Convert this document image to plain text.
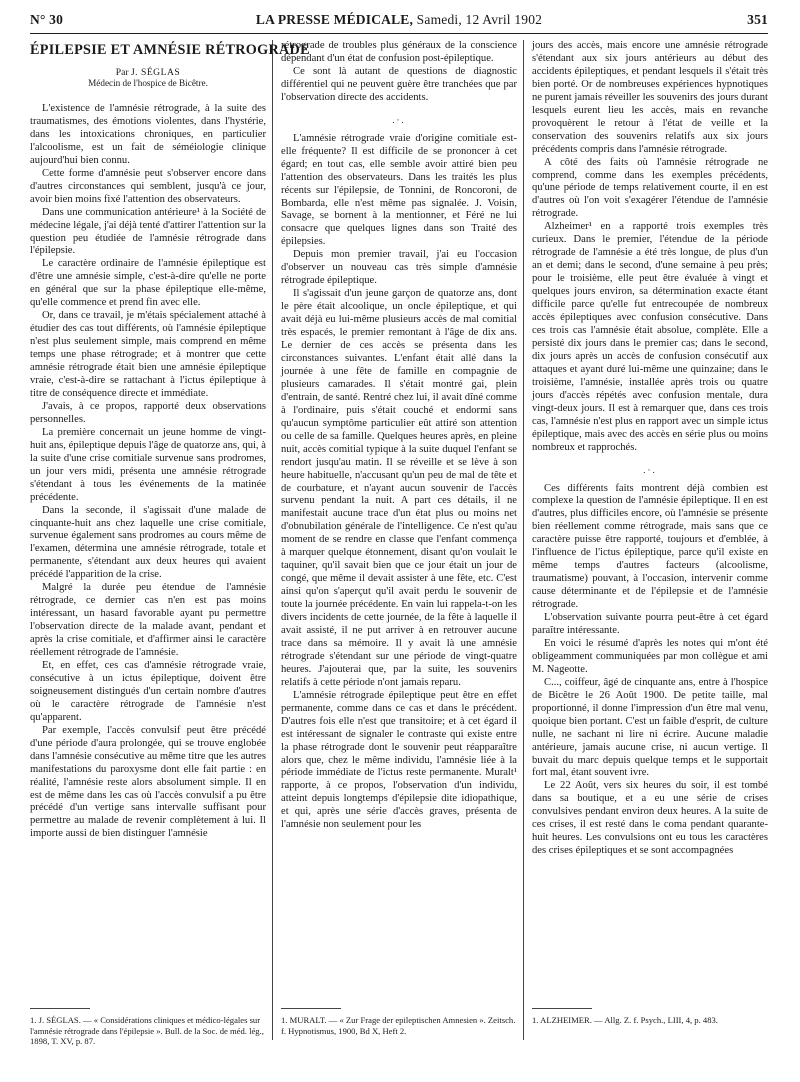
N° 30	LA PRESSE MÉDICALE, Samedi, 12 Avril 1902	351
ÉPILEPSIE ET AMNÉSIE RÉTROGRADE
Par J. SÉGLAS
Médecin de l'hospice de Bicêtre.

L'existence de l'amnésie rétrograde, à la suite des traumatismes, des émotions violentes, dans l'hystérie, dans les intoxications chroniques, en particulier l'alcoolisme, est un fait de séméiologie clinique aujourd'hui bien connu.

Cette forme d'amnésie peut s'observer encore dans d'autres circonstances qui semblent, jusqu'à ce jour, avoir bien moins fixé l'attention des observateurs.

Dans une communication antérieure¹ à la Société de médecine légale, j'ai déjà tenté d'attirer l'attention sur la question peu étudiée de l'amnésie rétrograde dans l'épilepsie.

Le caractère ordinaire de l'amnésie épileptique est d'être une amnésie simple, c'est-à-dire qu'elle ne porte en général que sur la phase épileptique elle-même, qu'elle commence et prend fin avec elle.

Or, dans ce travail, je m'étais spécialement attaché à étudier des cas tout différents, où l'amnésie épileptique n'est plus seulement simple, mais comprend en même temps une phase rétrograde; et à montrer que cette amnésie rétrograde était bien une amnésie épileptique vraie, c'est-à-dire se rattachant à l'ictus épileptique à titre de conséquence directe et immédiate.

J'avais, à ce propos, rapporté deux observations personnelles.

La première concernait un jeune homme de vingt-huit ans, épileptique depuis l'âge de quatorze ans, qui, à la suite d'une crise comitiale survenue sans prodromes, un jour vers midi, présenta une amnésie rétrograde s'étendant à tous les événements de la matinée précédente.

Dans la seconde, il s'agissait d'une malade de cinquante-huit ans chez laquelle une crise comitiale, survenue également sans prodromes au cours même de l'examen, détermina une amnésie rétrograde, totale et permanente, s'étendant aux deux heures qui avaient précédé l'apparition de la crise.

Malgré la durée peu étendue de l'amnésie rétrograde, ce dernier cas n'en est pas moins intéressant, un hasard favorable ayant pu permettre l'observation directe de la malade avant, pendant et après la crise comitiale, et d'affirmer ainsi le caractère réellement rétrograde de l'amnésie.

Et, en effet, ces cas d'amnésie rétrograde vraie, consécutive à un ictus épileptique, doivent être soigneusement distingués d'un certain nombre d'autres où le caractère rétrograde de l'amnésie n'est qu'apparent.

Par exemple, l'accès convulsif peut être précédé d'une période d'aura prolongée, qui se trouve englobée dans l'amnésie consécutive au même titre que les autres manifestations du paroxysme dont elle fait partie : en réalité, l'amnésie reste alors absolument simple. Il en est de même dans les cas où l'accès convulsif a pu être précédé d'un vertige sans intervalle suffisant pour permettre au malade de revenir complètement à lui. Il importe aussi de bien distinguer l'amnésie

rétrograde de troubles plus généraux de la conscience dépendant d'un état de confusion post-épileptique.

Ce sont là autant de questions de diagnostic différentiel qui ne peuvent guère être tranchées que par l'observation directe des accidents.

.·.

L'amnésie rétrograde vraie d'origine comitiale est-elle fréquente? Il est difficile de se prononcer à cet égard; en tout cas, elle semble avoir attiré bien peu l'attention des observateurs. Dans les traités les plus récents sur l'épilepsie, de Tonnini, de Roncoroni, de Bombarda, elle n'est même pas signalée. J. Voisin, Savage, se bornent à la mentionner, et Féré ne lui consacre que quelques lignes dans son Traité des épilepsies.

Depuis mon premier travail, j'ai eu l'occasion d'observer un nouveau cas très simple d'amnésie rétrograde épileptique.

Il s'agissait d'un jeune garçon de quatorze ans, dont le père était alcoolique, un oncle épileptique, et qui avait déjà eu lui-même plusieurs accès de mal comitial très espacés, le premier remontant à l'âge de dix ans. Le dernier de ces accès se présenta dans les circonstances suivantes. L'enfant était allé dans la journée à une fête de famille en compagnie de plusieurs camarades. Il s'était montré gai, plein d'entrain, de santé. Rentré chez lui, il avait dîné comme à l'ordinaire, puis s'était couché et endormi sans qu'aucun symptôme particulier eût attiré son attention ou celle de sa famille. Quelques heures après, en pleine nuit, accès comitial typique à la suite duquel l'enfant se rendort jusqu'au matin. Il se réveille et se lève à son heure habituelle, n'accusant qu'un peu de mal de tête et de courbature, et n'ayant aucun souvenir de l'accès survenu pendant la nuit. A part ces détails, il ne manifestait aucune trace d'un état plus ou moins net d'obnubilation générale de l'intelligence. Ce n'est qu'au moment de se rendre en classe que l'enfant commença à marquer quelque étonnement, disant qu'on voulait le taquiner, qu'il savait bien que ce jour était un jour de congé, que même il devait assister à une fête, etc. C'est ainsi qu'on s'aperçut qu'il avait perdu le souvenir de toute la journée précédente. En vain lui rappela-t-on les divers incidents de cette journée, de la fête à laquelle il avait assisté, il ne put arriver à en retrouver aucune trace dans sa mémoire. Il y avait là une amnésie rétrograde s'étendant sur une période de vingt-quatre heures. J'ajouterai que, par la suite, les souvenirs relatifs à cette période n'ont jamais reparu.

L'amnésie rétrograde épileptique peut être en effet permanente, comme dans ce cas et dans le précédent. D'autres fois elle n'est que transitoire; et à cet égard il est intéressant de signaler le contraste qui existe entre la phase rétrograde dont le souvenir peut réapparaître alors que, chez le même individu, l'amnésie liée à la période immédiate de l'ictus reste permanente. Muralt¹ rapporte, à ce propos, l'observation d'un individu, atteint depuis longtemps d'épilepsie dite idiopathique, et qui, après une série d'accès graves, présenta de l'amnésie non seulement pour les

jours des accès, mais encore une amnésie rétrograde s'étendant aux six jours antérieurs au début des accidents épileptiques, et pendant lesquels il s'était très bien porté. Or de nombreuses expériences hypnotiques ne purent jamais réveiller les souvenirs des jours durant lesquels eurent lieu les accès, mais en revanche provoquèrent le retour à l'état de veille et la conservation des souvenirs relatifs aux six jours précédents compris dans l'amnésie rétrograde.

A côté des faits où l'amnésie rétrograde ne comprend, comme dans les exemples précédents, qu'une période de temps relativement courte, il en est d'autres où l'on voit s'exagérer l'étendue de l'amnésie rétrograde.

Alzheimer¹ en a rapporté trois exemples très curieux. Dans le premier, l'étendue de la période rétrograde de l'amnésie a été très longue, de plus d'un an et demi; dans le second, d'une semaine à peu près; pour le troisième, elle peut être évaluée à vingt et quelques jours environ, sa détermination exacte étant difficile parce qu'elle fut entrecoupée de nombreux accès épileptiques avec confusion consécutive. Dans ces trois cas l'amnésie était absolue, complète. Elle a persisté dix jours dans le premier cas; dans le second, dix jours après un accès de confusion consécutif aux attaques et ayant duré lui-même une quinzaine; dans le troisième, l'amnésie, installée après trois ou quatre jours d'accès répétés avec confusion mentale, dura vingt-deux jours. Il est à remarquer que, dans ces trois cas, l'amnésie n'est plus en rapport avec un simple ictus épileptique, mais avec des accès en série plus ou moins nombreux et rapprochés.

.·.

Ces différents faits montrent déjà combien est complexe la question de l'amnésie épileptique. Il en est d'autres, plus difficiles encore, où l'amnésie se présente bien réellement comme rétrograde, mais sans que ce caractère puisse être rapporté, toujours et d'emblée, à l'influence de l'ictus épileptique, parce qu'il existe en même temps d'autres facteurs (alcoolisme, traumatisme) pouvant, à l'occasion, intervenir comme cause déterminante et de l'épilepsie et de l'amnésie rétrograde.

L'observation suivante pourra peut-être à cet égard paraître intéressante.

En voici le résumé d'après les notes qui m'ont été obligeamment communiquées par mon collègue et ami M. Nageotte.

C..., coiffeur, âgé de cinquante ans, entre à l'hospice de Bicêtre le 26 Août 1900. De petite taille, mal proportionné, il donne l'impression d'un être mal venu, quoique bien portant. C'est un faible d'esprit, de culture nulle, ne sachant ni lire ni écrire. Aucune maladie antérieure, jamais aucune crise, ni aucun vertige. Il buvait du marc depuis quelque temps et le supportait fort mal, étant souvent ivre.

Le 22 Août, vers six heures du soir, il est tombé dans sa boutique, et a eu une série de crises convulsives pendant environ deux heures. A la suite de ces crises, il est resté dans le coma pendant quarante-huit heures. Les convulsions ont eu tous les caractères des crises épileptiques et se sont accompagnées

1. J. SÉGLAS. — « Considérations cliniques et médico-légales sur l'amnésie rétrograde dans l'épilepsie ». Bull. de la Soc. de méd. lég., 1898, T. XV, p. 87.
1. MURALT. — « Zur Frage der epileptischen Amnesien ». Zeitsch. f. Hypnotismus, 1900, Bd X, Heft 2.
1. ALZHEIMER. — Allg. Z. f. Psych., LIII, 4, p. 483.
